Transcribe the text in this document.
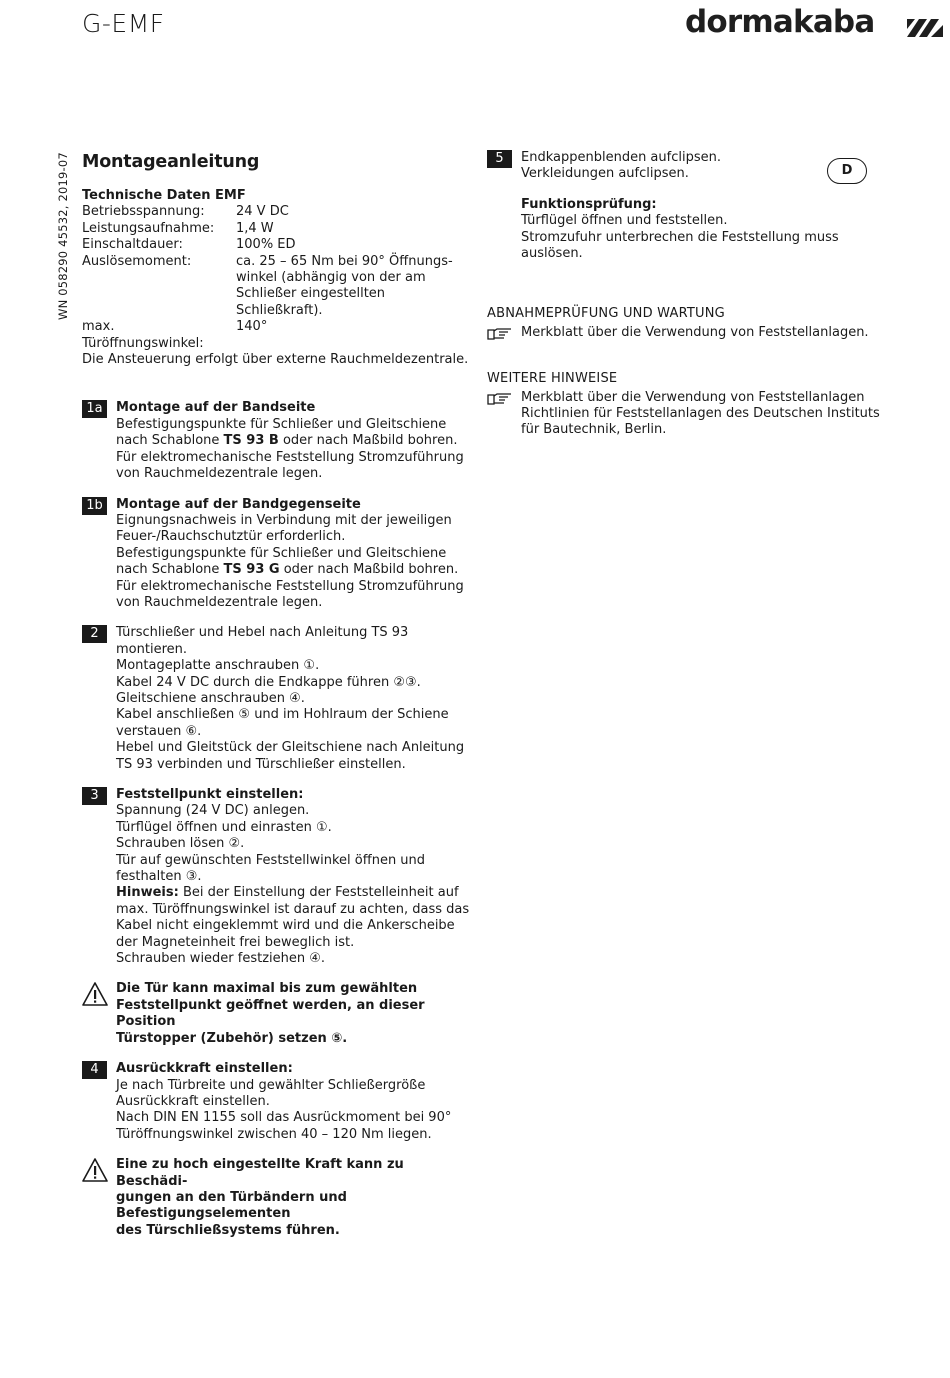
G-EMF	dormakaba
WN 058290 45532, 2019-07	D
Montageanleitung
Technische Daten EMF
Betriebsspannung:	24 V DC
Leistungsaufnahme:	1,4 W
Einschaltdauer:	100% ED
Auslösemoment:	ca. 25 – 65 Nm bei 90° Öffnungs-
winkel (abhängig von der am
Schließer eingestellten Schließkraft).
max. Türöffnungswinkel:
140°
Die Ansteuerung erfolgt über externe Rauchmeldezentrale.
1a	Montage auf der Bandseite
Befestigungspunkte für Schließer und Gleitschiene
nach Schablone TS 93 B oder nach Maßbild bohren.
Für elektromechanische Feststellung Stromzuführung
von Rauchmeldezentrale legen.
1b	Montage auf der Bandgegenseite
Eignungsnachweis in Verbindung mit der jeweiligen
Feuer-/Rauchschutztür erforderlich.
Befestigungspunkte für Schließer und Gleitschiene
nach Schablone TS 93 G oder nach Maßbild bohren.
Für elektromechanische Feststellung Stromzuführung
von Rauchmeldezentrale legen.
2	Türschließer und Hebel nach Anleitung TS 93
montieren.
Montageplatte anschrauben ①.
Kabel 24 V DC durch die Endkappe führen ②③.
Gleitschiene anschrauben ④.
Kabel anschließen ⑤ und im Hohlraum der Schiene
verstauen ⑥.
Hebel und Gleitstück der Gleitschiene nach Anleitung
TS 93 verbinden und Türschließer einstellen.
3	Feststellpunkt einstellen:
Spannung (24 V DC) anlegen.
Türflügel öffnen und einrasten ①.
Schrauben lösen ②.
Tür auf gewünschten Feststellwinkel öffnen und
festhalten ③.
Hinweis: Bei der Einstellung der Feststelleinheit auf
max. Türöffnungswinkel ist darauf zu achten, dass das
Kabel nicht eingeklemmt wird und die Ankerscheibe
der Magneteinheit frei beweglich ist.
Schrauben wieder festziehen ④.
Die Tür kann maximal bis zum gewählten
Feststellpunkt geöffnet werden, an dieser Position
Türstopper (Zubehör) setzen ⑤.
4	Ausrückkraft einstellen:
Je nach Türbreite und gewählter Schließergröße
Ausrückkraft einstellen.
Nach DIN EN 1155 soll das Ausrückmoment bei 90°
Türöffnungswinkel zwischen 40 – 120 Nm liegen.
Eine zu hoch eingestellte Kraft kann zu Beschädi-
gungen an den Türbändern und Befestigungselementen
des Türschließsystems führen.
5	Endkappenblenden aufclipsen.
Verkleidungen aufclipsen.
Funktionsprüfung:
Türflügel öffnen und feststellen.
Stromzufuhr unterbrechen die Feststellung muss
auslösen.
ABNAHMEPRÜFUNG UND WARTUNG
Merkblatt über die Verwendung von Feststellanlagen.
WEITERE HINWEISE
Merkblatt über die Verwendung von Feststellanlagen
Richtlinien für Feststellanlagen des Deutschen Instituts
für Bautechnik, Berlin.
